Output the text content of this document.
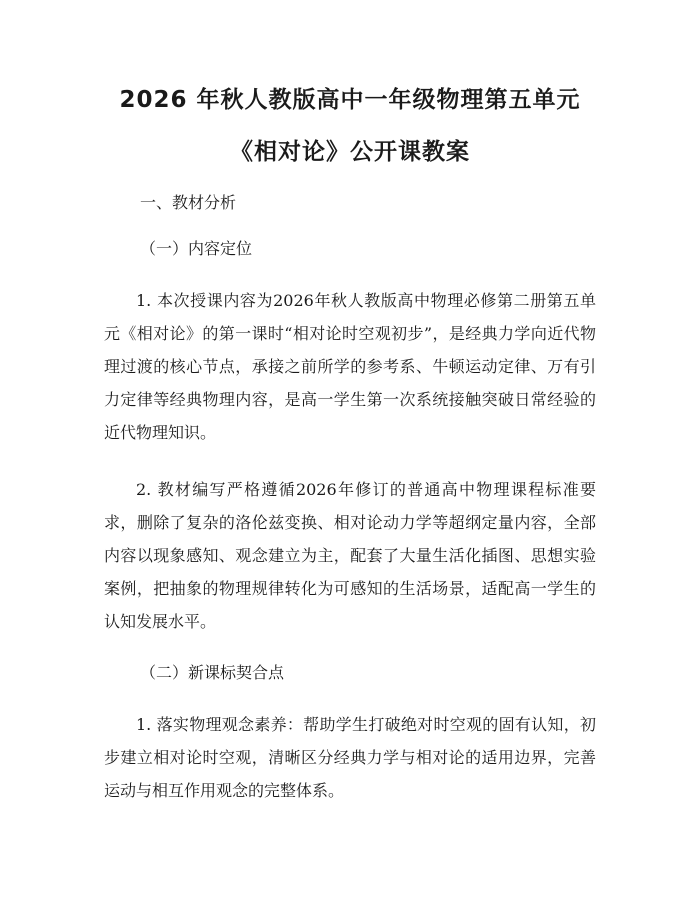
2026 年秋人教版高中一年级物理第五单元
《相对论》公开课教案
一、教材分析
（一）内容定位

1. 本次授课内容为2026年秋人教版高中物理必修第二册第五单元《相对论》的第一课时“相对论时空观初步”，是经典力学向近代物理过渡的核心节点，承接之前所学的参考系、牛顿运动定律、万有引力定律等经典物理内容，是高一学生第一次系统接触突破日常经验的近代物理知识。

2. 教材编写严格遵循2026年修订的普通高中物理课程标准要求，删除了复杂的洛伦兹变换、相对论动力学等超纲定量内容，全部内容以现象感知、观念建立为主，配套了大量生活化插图、思想实验案例，把抽象的物理规律转化为可感知的生活场景，适配高一学生的认知发展水平。

（二）新课标契合点

1. 落实物理观念素养：帮助学生打破绝对时空观的固有认知，初步建立相对论时空观，清晰区分经典力学与相对论的适用边界，完善运动与相互作用观念的完整体系。
